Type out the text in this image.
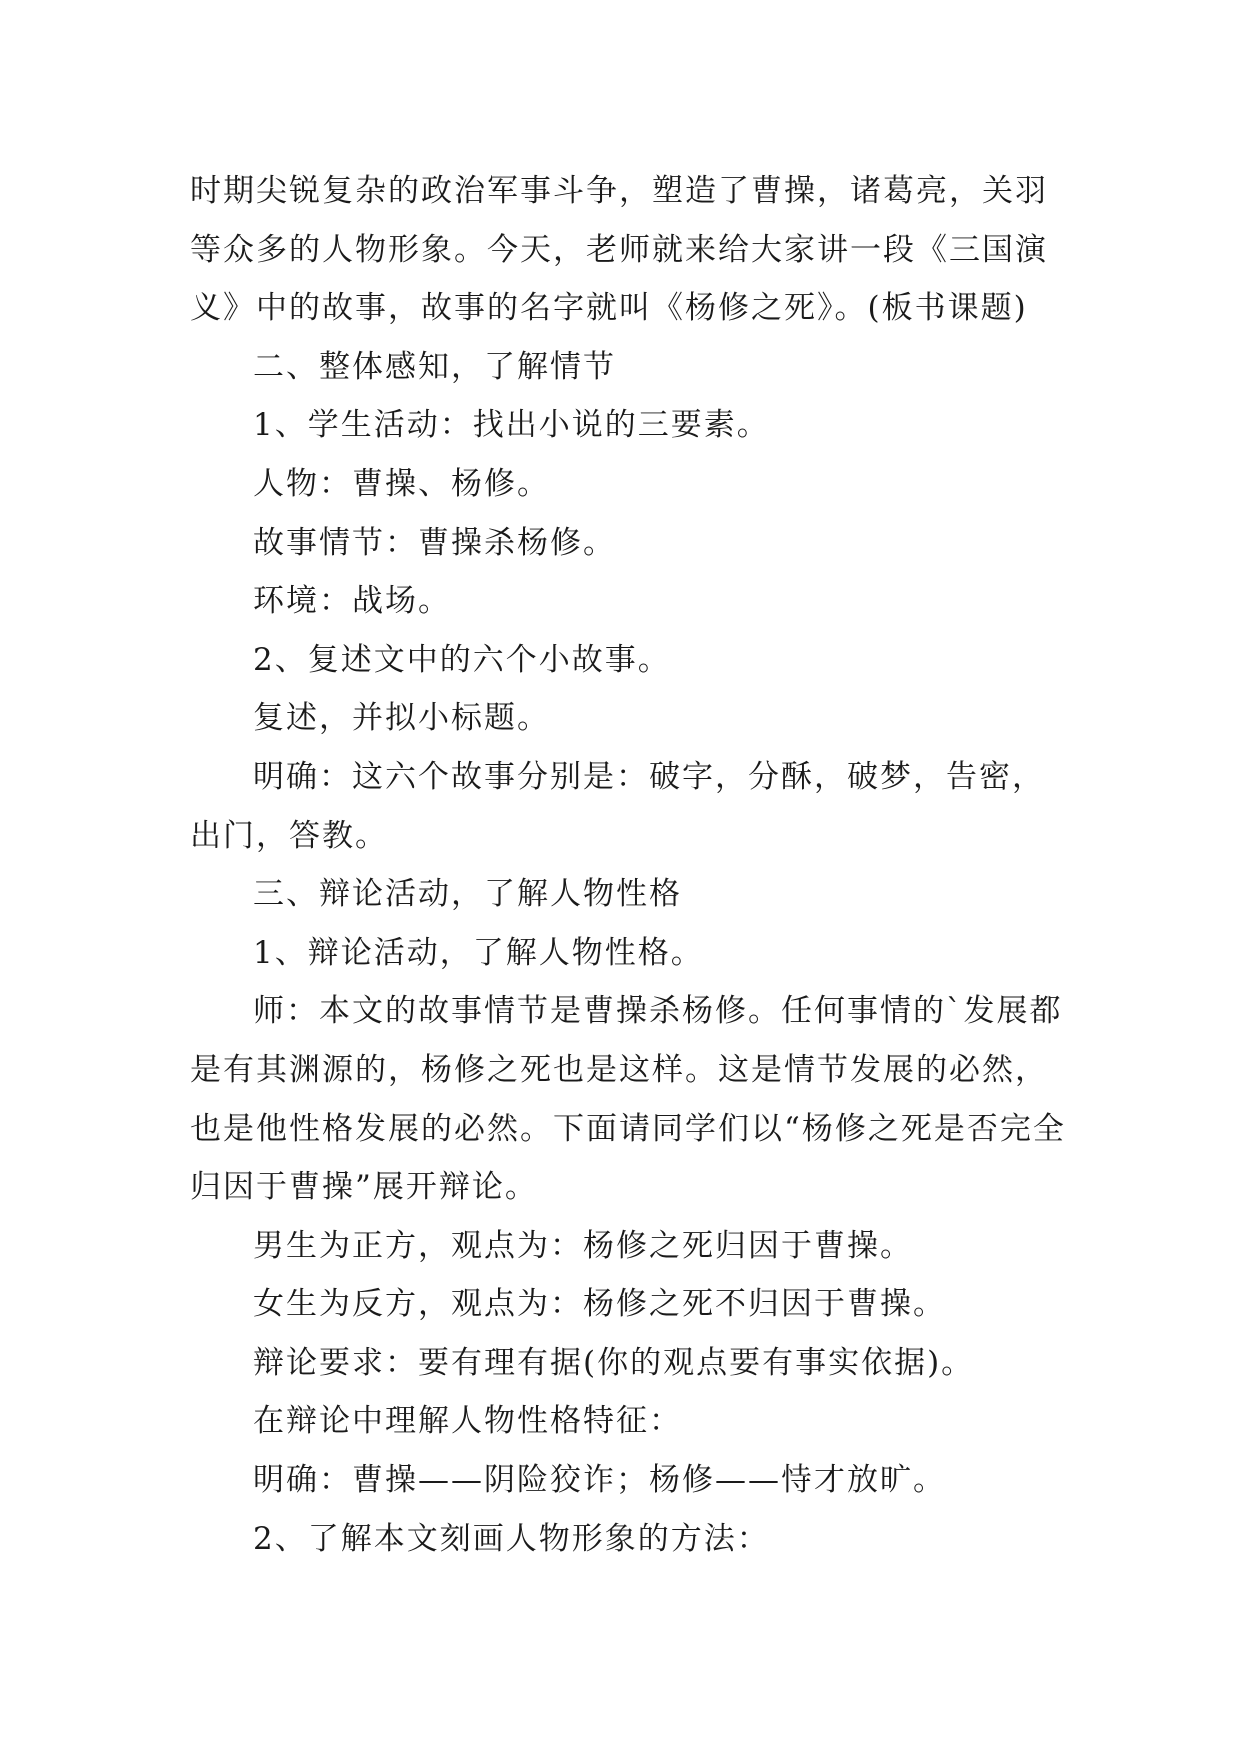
时期尖锐复杂的政治军事斗争，塑造了曹操，诸葛亮，关羽等众多的人物形象。今天，老师就来给大家讲一段《三国演义》中的故事，故事的名字就叫《杨修之死》。(板书课题)

二、整体感知，了解情节

1、学生活动：找出小说的三要素。

人物：曹操、杨修。

故事情节：曹操杀杨修。

环境：战场。

2、复述文中的六个小故事。

复述，并拟小标题。

明确：这六个故事分别是：破字，分酥，破梦，告密，出门，答教。

三、辩论活动，了解人物性格

1、辩论活动，了解人物性格。

师：本文的故事情节是曹操杀杨修。任何事情的`发展都是有其渊源的，杨修之死也是这样。这是情节发展的必然，也是他性格发展的必然。下面请同学们以“杨修之死是否完全归因于曹操”展开辩论。

男生为正方，观点为：杨修之死归因于曹操。

女生为反方，观点为：杨修之死不归因于曹操。

辩论要求：要有理有据(你的观点要有事实依据)。

在辩论中理解人物性格特征：

明确：曹操——阴险狡诈；杨修——恃才放旷。

2、了解本文刻画人物形象的方法：
